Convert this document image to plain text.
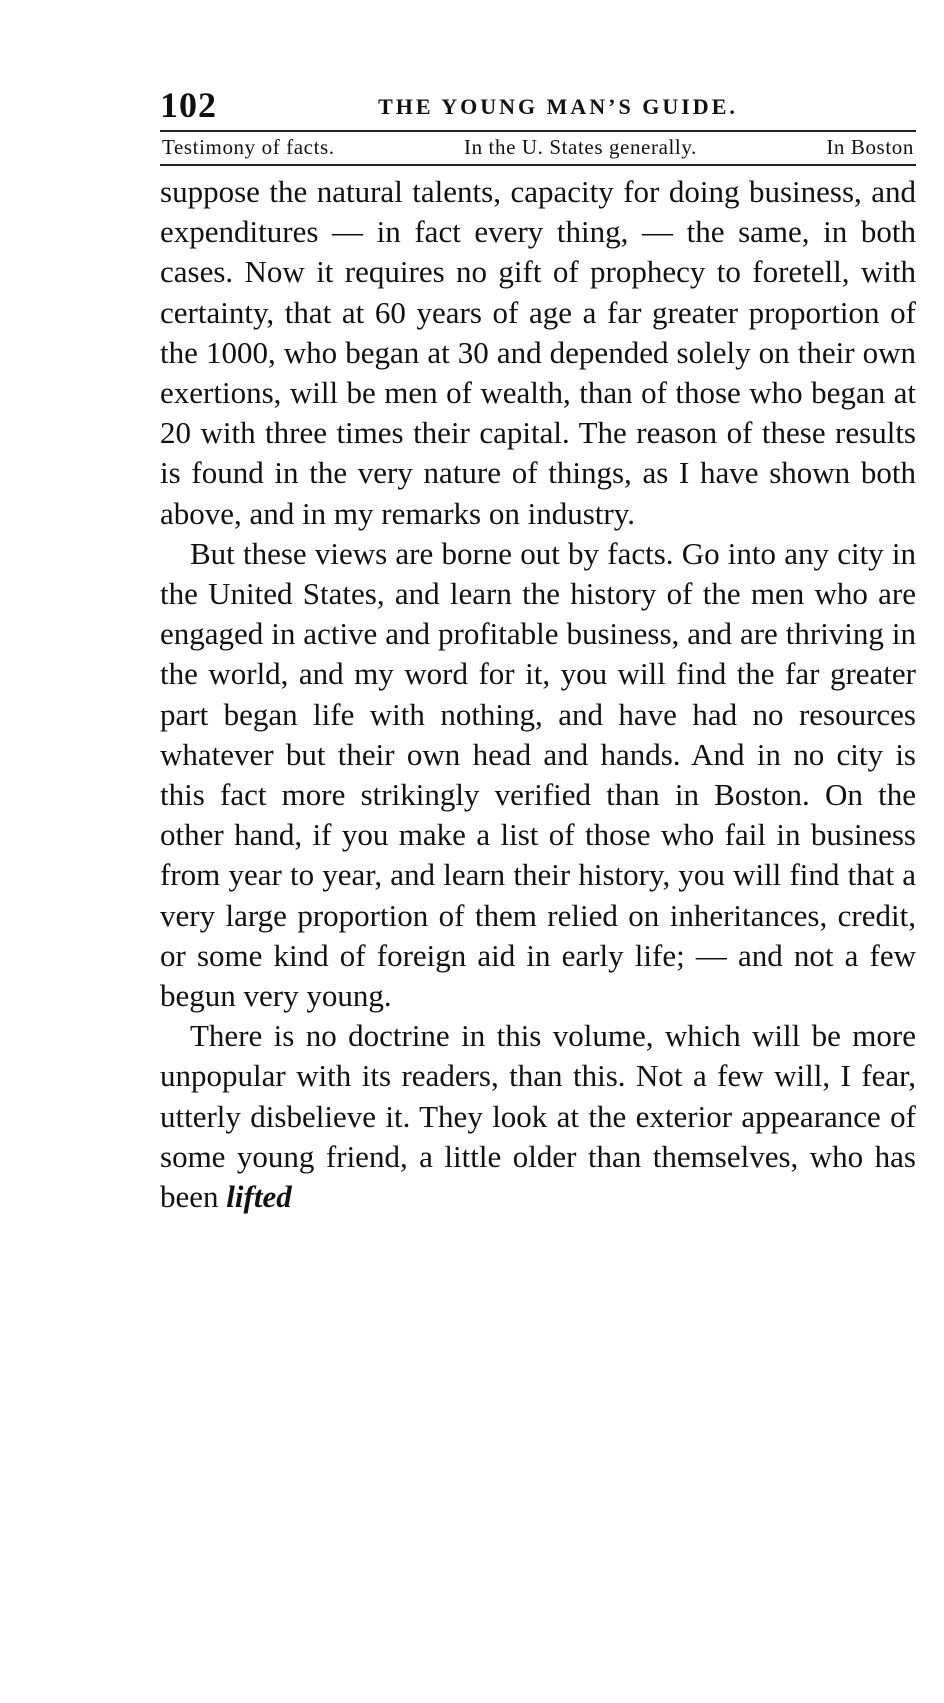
102	THE YOUNG MAN’S GUIDE.
Testimony of facts.	In the U. States generally.	In Boston

suppose the natural talents, capacity for doing business, and expenditures — in fact every thing, — the same, in both cases. Now it requires no gift of prophecy to foretell, with certainty, that at 60 years of age a far greater proportion of the 1000, who began at 30 and depended solely on their own exertions, will be men of wealth, than of those who began at 20 with three times their capital. The reason of these results is found in the very nature of things, as I have shown both above, and in my remarks on industry.

But these views are borne out by facts. Go into any city in the United States, and learn the history of the men who are engaged in active and profitable business, and are thriving in the world, and my word for it, you will find the far greater part began life with nothing, and have had no resources whatever but their own head and hands. And in no city is this fact more strikingly verified than in Boston. On the other hand, if you make a list of those who fail in business from year to year, and learn their history, you will find that a very large proportion of them relied on inheritances, credit, or some kind of foreign aid in early life; — and not a few begun very young.

There is no doctrine in this volume, which will be more unpopular with its readers, than this. Not a few will, I fear, utterly disbelieve it. They look at the exterior appearance of some young friend, a little older than themselves, who has been lifted
